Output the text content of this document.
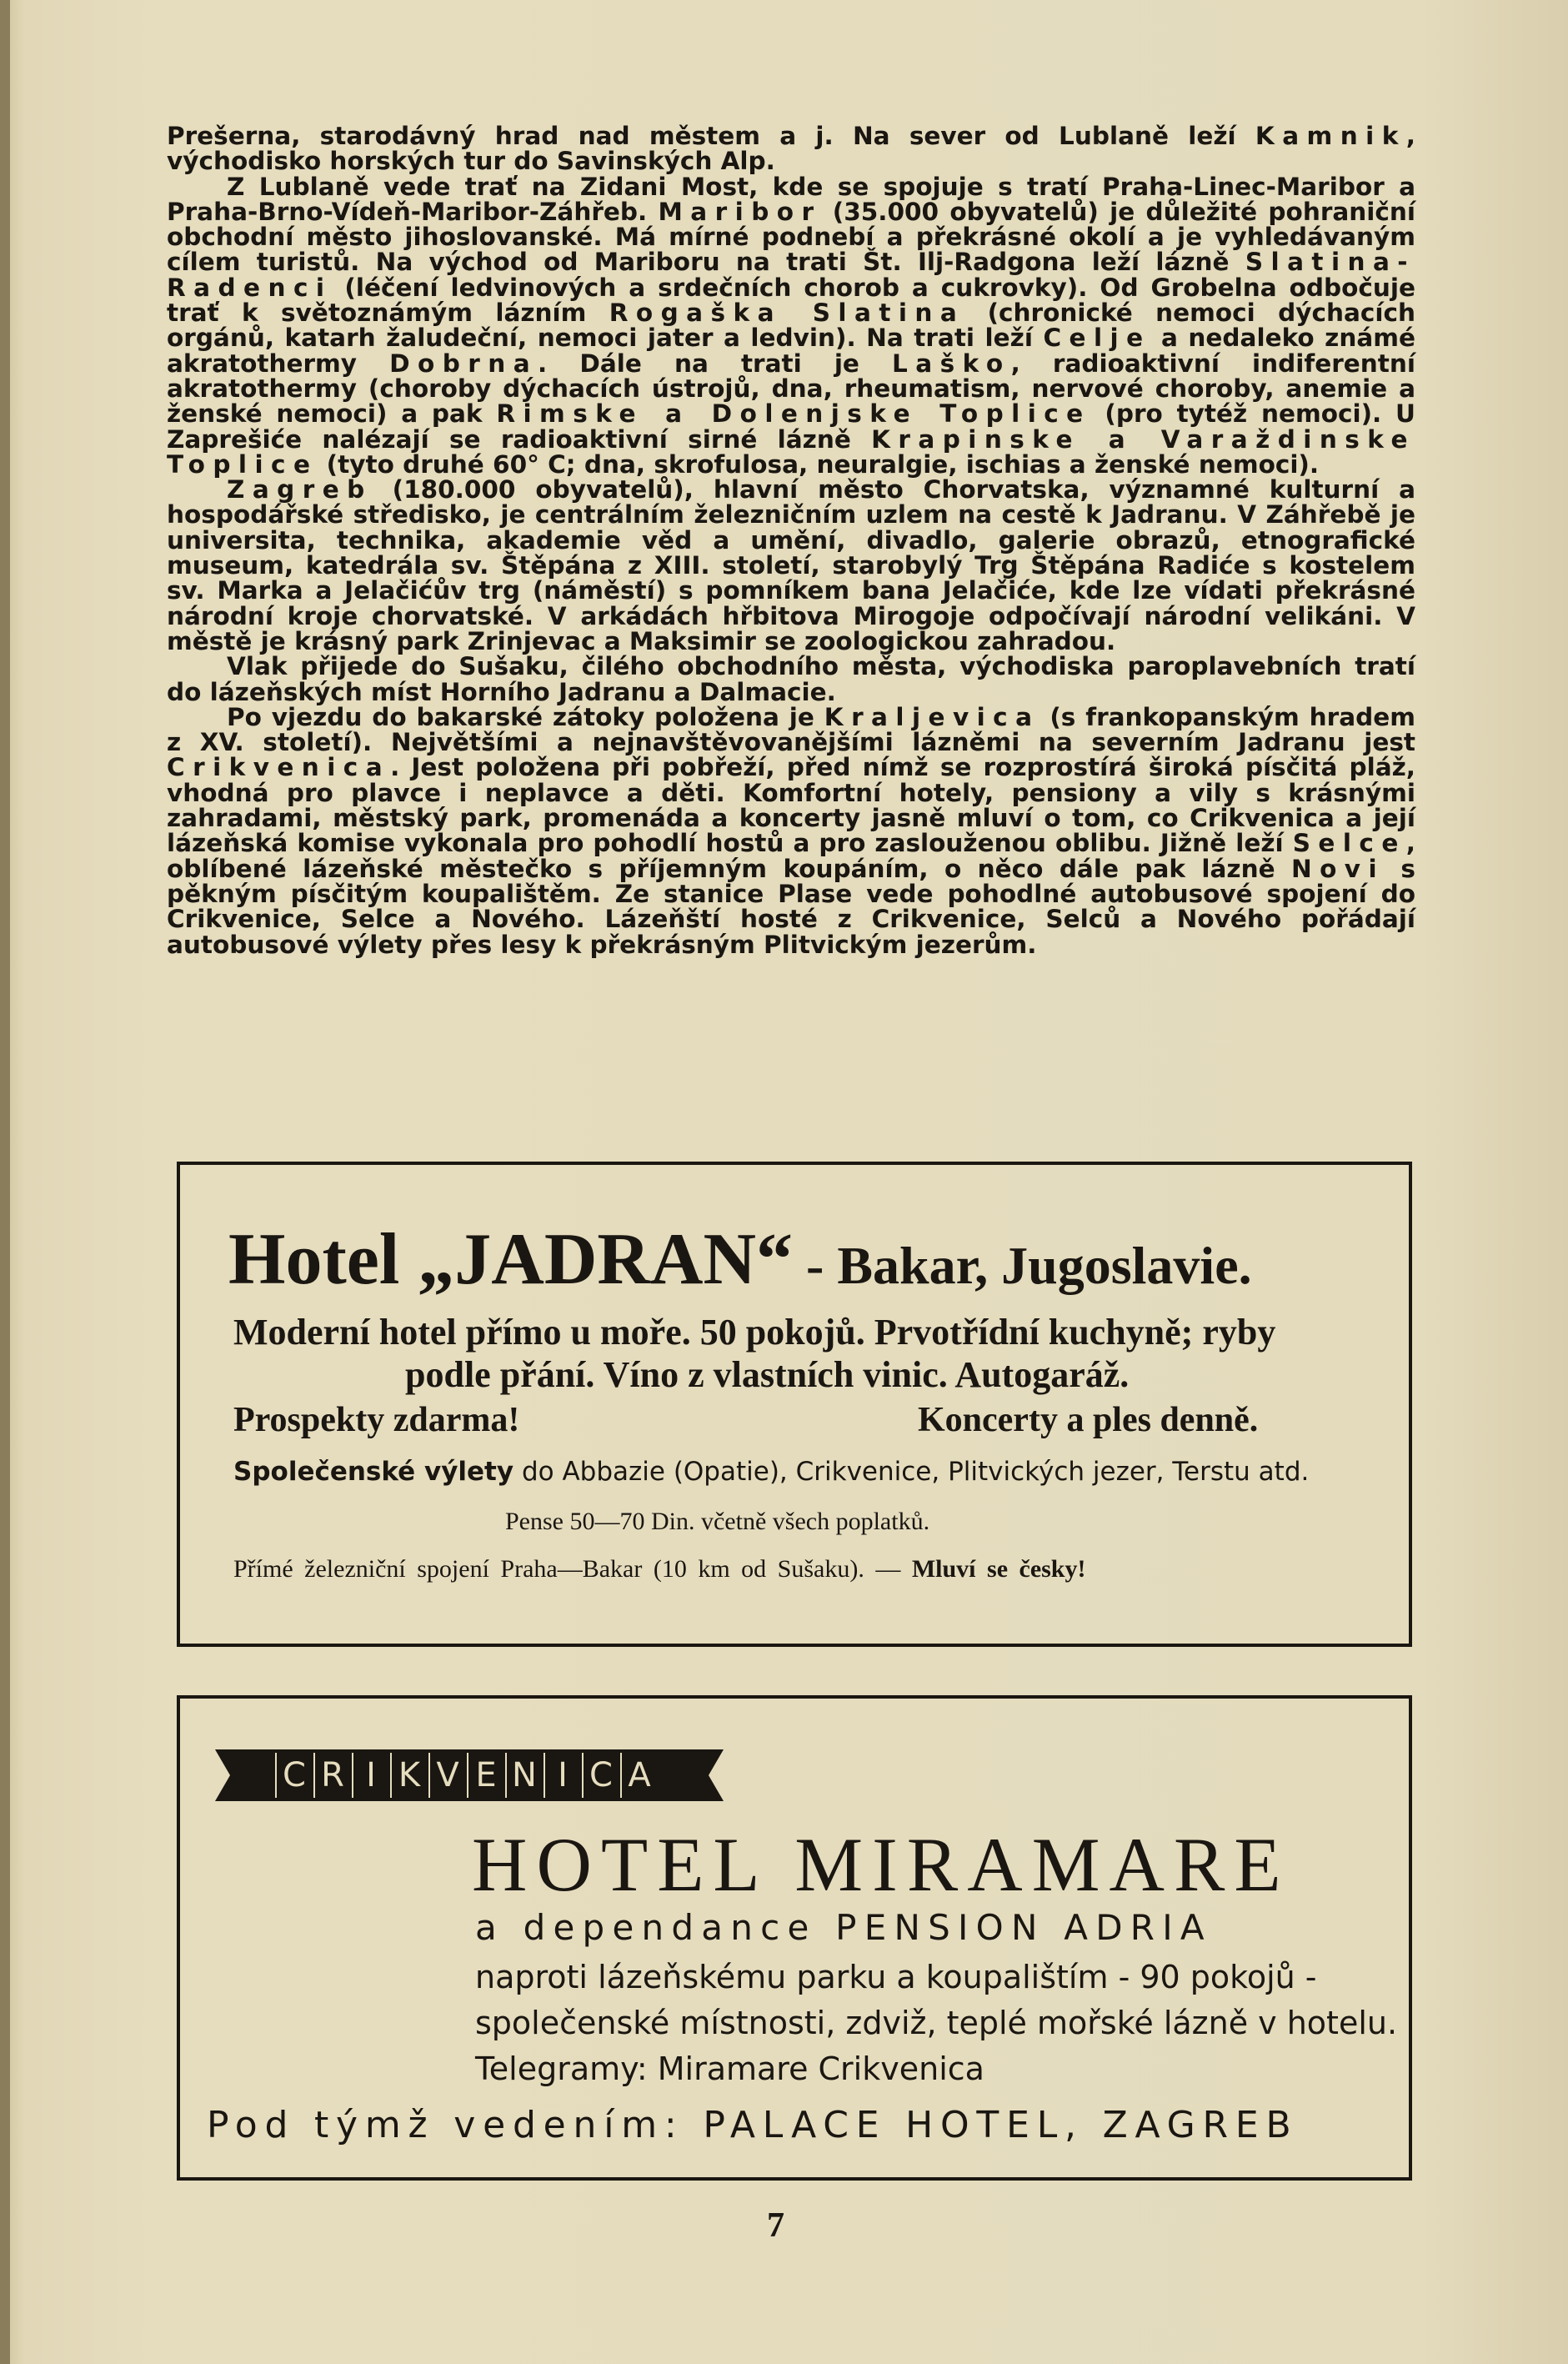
Prešerna, starodávný hrad nad městem a j. Na sever od Lublaně leží Kamnik, východisko horských tur do Savinských Alp.

Z Lublaně vede trať na Zidani Most, kde se spojuje s tratí Praha-Linec-Maribor a Praha-Brno-Vídeň-Maribor-Záhřeb. Maribor (35.000 obyvatelů) je důležité pohraniční obchodní město jihoslovanské. Má mírné podnebí a překrásné okolí a je vyhledávaným cílem turistů. Na východ od Mariboru na trati Št. Ilj-Radgona leží lázně Slatina-Radenci (léčení ledvinových a srdečních chorob a cukrovky). Od Grobelna odbočuje trať k světoznámým lázním Rogaška Slatina (chronické nemoci dýchacích orgánů, katarh žaludeční, nemoci jater a ledvin). Na trati leží Celje a nedaleko známé akratothermy Dobrna. Dále na trati je Laško, radioaktivní indiferentní akratothermy (choroby dýchacích ústrojů, dna, rheumatism, nervové choroby, anemie a ženské nemoci) a pak Rimske a Dolenjske Toplice (pro tytéž nemoci). U Zaprešiće nalézají se radioaktivní sirné lázně Krapinske a Varaždinske Toplice (tyto druhé 60° C; dna, skrofulosa, neuralgie, ischias a ženské nemoci).

Zagreb (180.000 obyvatelů), hlavní město Chorvatska, významné kulturní a hospodářské středisko, je centrálním železničním uzlem na cestě k Jadranu. V Záhřebě je universita, technika, akademie věd a umění, divadlo, galerie obrazů, etnografické museum, katedrála sv. Štěpána z XIII. století, starobylý Trg Štěpána Radiće s kostelem sv. Marka a Jelačićův trg (náměstí) s pomníkem bana Jelačiće, kde lze vídati překrásné národní kroje chorvatské. V arkádách hřbitova Mirogoje odpočívají národní velikáni. V městě je krásný park Zrinjevac a Maksimir se zoologickou zahradou.

Vlak přijede do Sušaku, čilého obchodního města, východiska paroplavebních tratí do lázeňských míst Horního Jadranu a Dalmacie.

Po vjezdu do bakarské zátoky položena je Kraljevica (s frankopanským hradem z XV. století). Největšími a nejnavštěvovanějšími lázněmi na severním Jadranu jest Crikvenica. Jest položena při pobřeží, před nímž se rozprostírá široká písčitá pláž, vhodná pro plavce i neplavce a děti. Komfortní hotely, pensiony a vily s krásnými zahradami, městský park, promenáda a koncerty jasně mluví o tom, co Crikvenica a její lázeňská komise vykonala pro pohodlí hostů a pro zaslouženou oblibu. Jižně leží Selce, oblíbené lázeňské městečko s příjemným koupáním, o něco dále pak lázně Novi s pěkným písčitým koupalištěm. Ze stanice Plase vede pohodlné autobusové spojení do Crikvenice, Selce a Nového. Lázeňští hosté z Crikvenice, Selců a Nového pořádají autobusové výlety přes lesy k překrásným Plitvickým jezerům.

Hotel „JADRAN“ - Bakar, Jugoslavie.
Moderní hotel přímo u moře. 50 pokojů. Prvotřídní kuchyně; ryby
podle přání. Víno z vlastních vinic. Autogaráž.
Prospekty zdarma!	Koncerty a ples denně.
Společenské výlety do Abbazie (Opatie), Crikvenice, Plitvických jezer, Terstu atd.
Pense 50—70 Din. včetně všech poplatků.
Přímé železniční spojení Praha—Bakar (10 km od Sušaku). — Mluví se česky!
C R I K V E N I C A
HOTEL MIRAMARE
a dependance PENSION ADRIA
naproti lázeňskému parku a koupalištím - 90 pokojů -
společenské místnosti, zdviž, teplé mořské lázně v hotelu.
Telegramy: Miramare Crikvenica
Pod týmž vedením: PALACE HOTEL, ZAGREB
7
